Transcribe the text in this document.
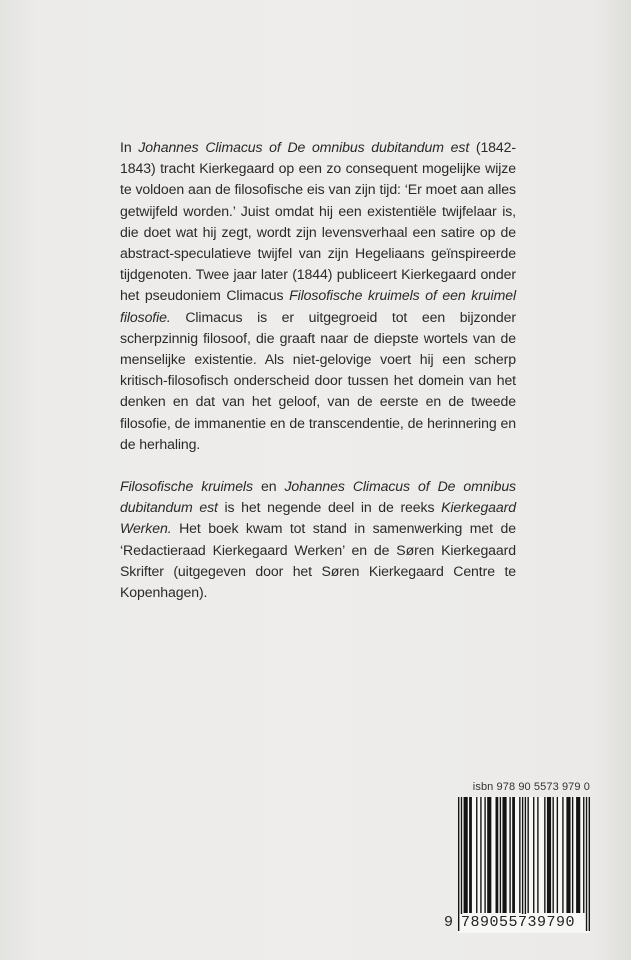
In Johannes Climacus of De omnibus dubitandum est (1842-1843) tracht Kierkegaard op een zo consequent mogelijke wijze te voldoen aan de filosofische eis van zijn tijd: ‘Er moet aan alles getwijfeld worden.’ Juist omdat hij een existentiële twijfelaar is, die doet wat hij zegt, wordt zijn levensverhaal een satire op de abstract-speculatieve twijfel van zijn Hegeliaans geïnspireerde tijdgenoten. Twee jaar later (1844) publiceert Kierkegaard onder het pseudoniem Climacus Filosofische kruimels of een kruimel filosofie. Climacus is er uitgegroeid tot een bijzonder scherpzinnig filosoof, die graaft naar de diepste wortels van de menselijke existentie. Als niet-gelovige voert hij een scherp kritisch-filosofisch onderscheid door tussen het domein van het denken en dat van het geloof, van de eerste en de tweede filosofie, de immanentie en de transcendentie, de herinnering en de herhaling.

Filosofische kruimels en Johannes Climacus of De omnibus dubitandum est is het negende deel in de reeks Kierkegaard Werken. Het boek kwam tot stand in samenwerking met de ‘Redactieraad Kierkegaard Werken’ en de Søren Kierkegaard Skrifter (uitgegeven door het Søren Kierkegaard Centre te Kopenhagen).

isbn 978 90 5573 979 0
9 789055739790
